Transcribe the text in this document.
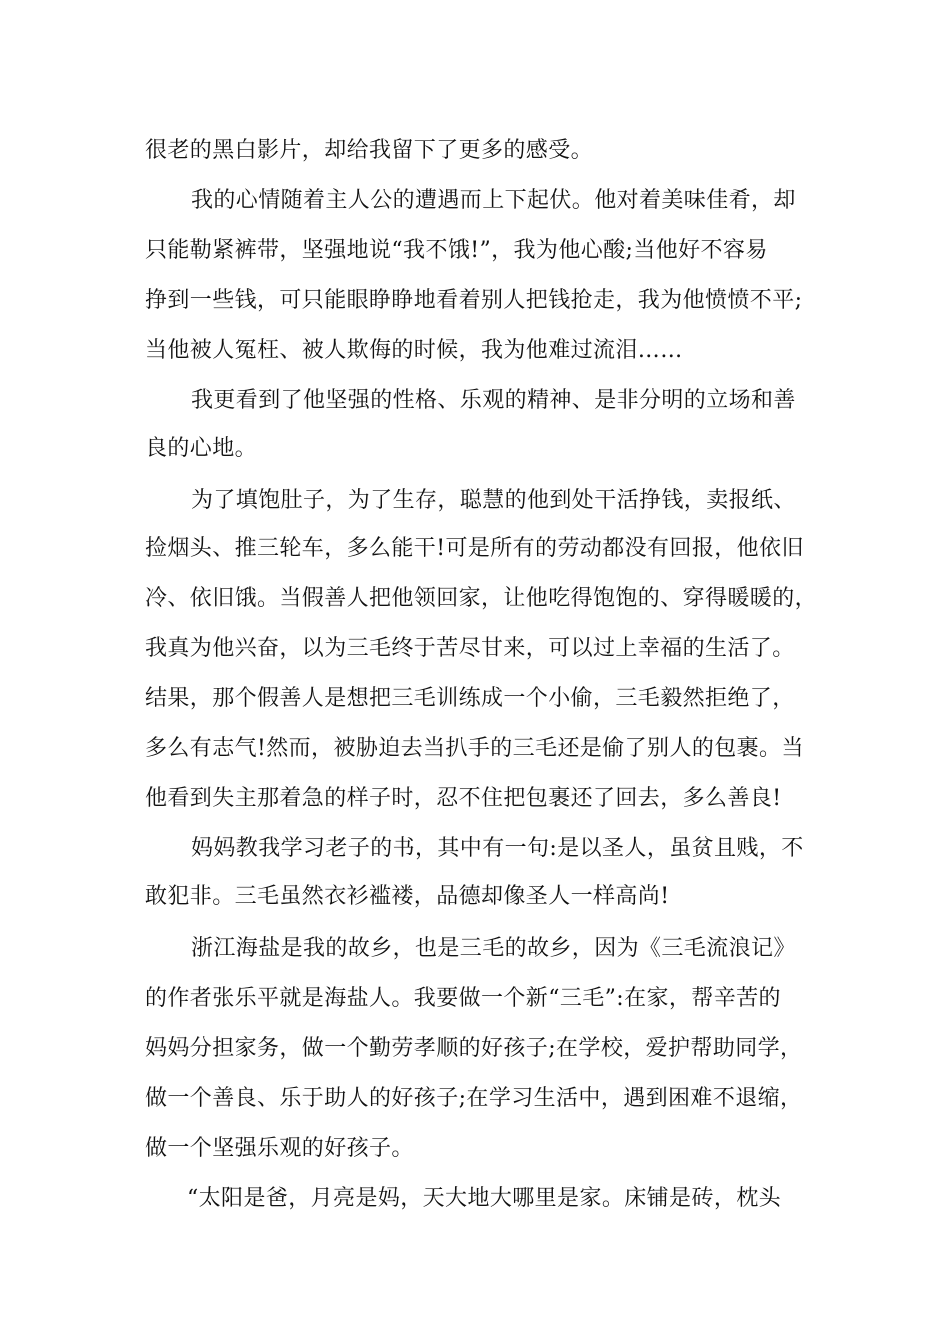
很老的黑白影片，却给我留下了更多的感受。
我的心情随着主人公的遭遇而上下起伏。他对着美味佳肴，却
只能勒紧裤带，坚强地说“我不饿!”，我为他心酸;当他好不容易
挣到一些钱，可只能眼睁睁地看着别人把钱抢走，我为他愤愤不平;
当他被人冤枉、被人欺侮的时候，我为他难过流泪……
我更看到了他坚强的性格、乐观的精神、是非分明的立场和善
良的心地。
为了填饱肚子，为了生存，聪慧的他到处干活挣钱，卖报纸、
捡烟头、推三轮车，多么能干!可是所有的劳动都没有回报，他依旧
冷、依旧饿。当假善人把他领回家，让他吃得饱饱的、穿得暖暖的，
我真为他兴奋，以为三毛终于苦尽甘来，可以过上幸福的生活了。
结果，那个假善人是想把三毛训练成一个小偷，三毛毅然拒绝了，
多么有志气!然而，被胁迫去当扒手的三毛还是偷了别人的包裹。当
他看到失主那着急的样子时，忍不住把包裹还了回去，多么善良!
妈妈教我学习老子的书，其中有一句:是以圣人，虽贫且贱，不
敢犯非。三毛虽然衣衫褴褛，品德却像圣人一样高尚!
浙江海盐是我的故乡，也是三毛的故乡，因为《三毛流浪记》
的作者张乐平就是海盐人。我要做一个新“三毛”:在家，帮辛苦的
妈妈分担家务，做一个勤劳孝顺的好孩子;在学校，爱护帮助同学，
做一个善良、乐于助人的好孩子;在学习生活中，遇到困难不退缩，
做一个坚强乐观的好孩子。
“太阳是爸，月亮是妈，天大地大哪里是家。床铺是砖，枕头
